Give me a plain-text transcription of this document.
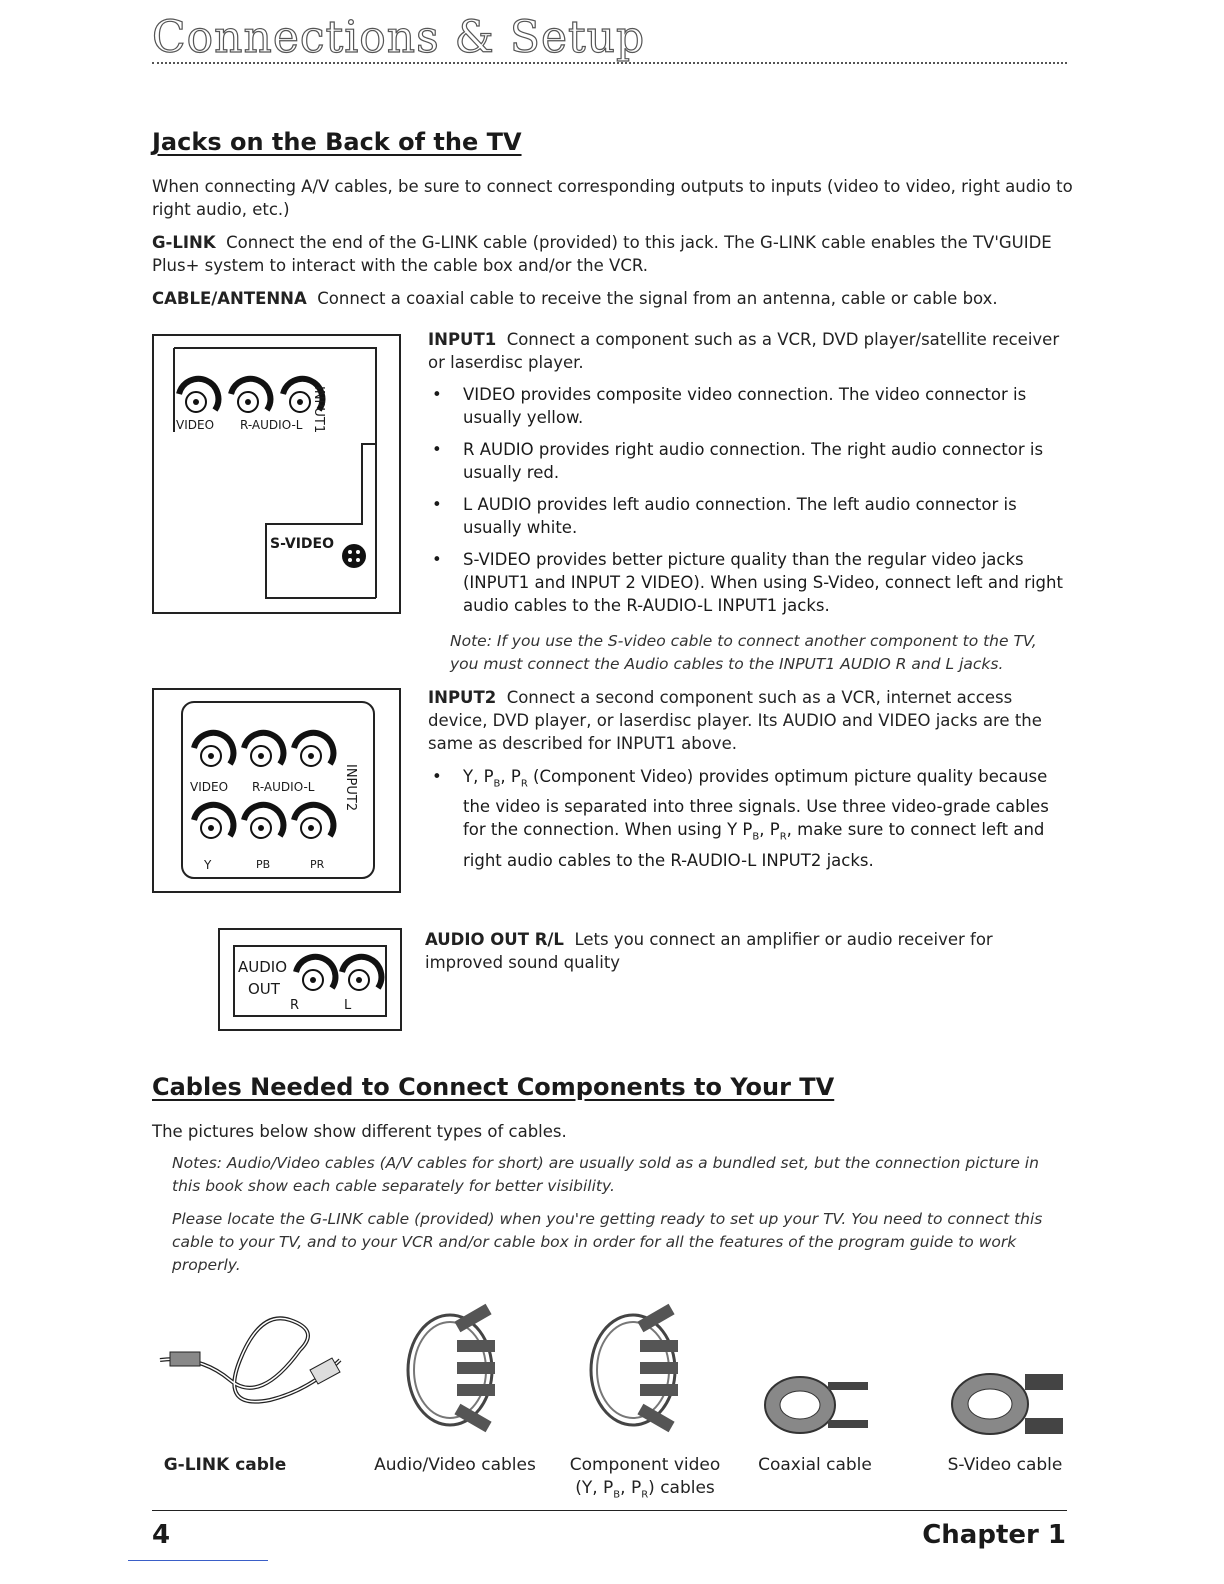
Connections & Setup
Jacks on the Back of the TV
When connecting A/V cables, be sure to connect corresponding outputs to inputs (video to video, right audio to right audio, etc.)
G-LINK Connect the end of the G-LINK cable (provided) to this jack. The G-LINK cable enables the TV'GUIDE Plus+ system to interact with the cable box and/or the VCR.
CABLE/ANTENNA Connect a coaxial cable to receive the signal from an antenna, cable or cable box.
VIDEO R-AUDIO-L INPUT1
S-VIDEO
INPUT1 Connect a component such as a VCR, DVD player/satellite receiver or laserdisc player.
• VIDEO provides composite video connection. The video connector is usually yellow.
• R AUDIO provides right audio connection. The right audio connector is usually red.
• L AUDIO provides left audio connection. The left audio connector is usually white.
• S-VIDEO provides better picture quality than the regular video jacks (INPUT1 and INPUT 2 VIDEO). When using S-Video, connect left and right audio cables to the R-AUDIO-L INPUT1 jacks.
Note: If you use the S-video cable to connect another component to the TV, you must connect the Audio cables to the INPUT1 AUDIO R and L jacks.
VIDEO R-AUDIO-L INPUT2
Y	PB	PR
INPUT2 Connect a second component such as a VCR, internet access device, DVD player, or laserdisc player. Its AUDIO and VIDEO jacks are the same as described for INPUT1 above.
• Y, $P_B$, $P_R$ (Component Video) provides optimum picture quality because the video is separated into three signals. Use three video-grade cables for the connection. When using Y $P_B$, $P_R$, make sure to connect left and right audio cables to the R-AUDIO-L INPUT2 jacks.
AUDIO
OUT
R	L
AUDIO OUT R/L Lets you connect an amplifier or audio receiver for improved sound quality
Cables Needed to Connect Components to Your TV
The pictures below show different types of cables.
Notes: Audio/Video cables (A/V cables for short) are usually sold as a bundled set, but the connection picture in this book show each cable separately for better visibility.
Please locate the G-LINK cable (provided) when you're getting ready to set up your TV. You need to connect this cable to your TV, and to your VCR and/or cable box in order for all the features of the program guide to work properly.
G-LINK cable	Audio/Video cables	Component video
(Y, $P_B$, $P_R$) cables
Coaxial cable	S-Video cable
4	Chapter 1
